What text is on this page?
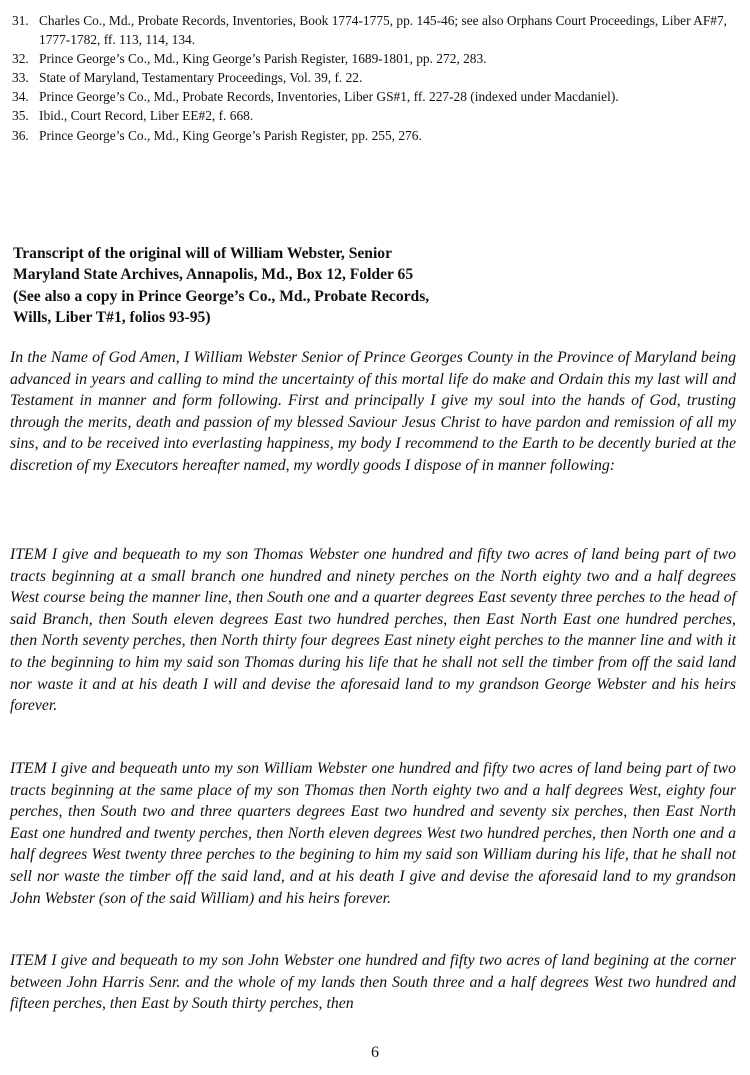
31. Charles Co., Md., Probate Records, Inventories, Book 1774-1775, pp. 145-46; see also Orphans Court Proceedings, Liber AF#7, 1777-1782, ff. 113, 114, 134.
32. Prince George’s Co., Md., King George’s Parish Register, 1689-1801, pp. 272, 283.
33. State of Maryland, Testamentary Proceedings, Vol. 39, f. 22.
34. Prince George’s Co., Md., Probate Records, Inventories, Liber GS#1, ff. 227-28 (indexed under Macdaniel).
35. Ibid., Court Record, Liber EE#2, f. 668.
36. Prince George’s Co., Md., King George’s Parish Register, pp. 255, 276.
Transcript of the original will of William Webster, Senior
Maryland State Archives, Annapolis, Md., Box 12, Folder 65
(See also a copy in Prince George’s Co., Md., Probate Records,
Wills, Liber T#1, folios 93-95)

In the Name of God Amen, I William Webster Senior of Prince Georges County in the Province of Maryland being advanced in years and calling to mind the uncertainty of this mortal life do make and Ordain this my last will and Testament in manner and form following. First and principally I give my soul into the hands of God, trusting through the merits, death and passion of my blessed Saviour Jesus Christ to have pardon and remission of all my sins, and to be received into everlasting happiness, my body I recommend to the Earth to be decently buried at the discretion of my Executors hereafter named, my wordly goods I dispose of in manner following:

ITEM I give and bequeath to my son Thomas Webster one hundred and fifty two acres of land being part of two tracts beginning at a small branch one hundred and ninety perches on the North eighty two and a half degrees West course being the manner line, then South one and a quarter degrees East seventy three perches to the head of said Branch, then South eleven degrees East two hundred perches, then East North East one hundred perches, then North seventy perches, then North thirty four degrees East ninety eight perches to the manner line and with it to the beginning to him my said son Thomas during his life that he shall not sell the timber from off the said land nor waste it and at his death I will and devise the aforesaid land to my grandson George Webster and his heirs forever.

ITEM I give and bequeath unto my son William Webster one hundred and fifty two acres of land being part of two tracts beginning at the same place of my son Thomas then North eighty two and a half degrees West, eighty four perches, then South two and three quarters degrees East two hundred and seventy six perches, then East North East one hundred and twenty perches, then North eleven degrees West two hundred perches, then North one and a half degrees West twenty three perches to the begining to him my said son William during his life, that he shall not sell nor waste the timber off the said land, and at his death I give and devise the aforesaid land to my grandson John Webster (son of the said William) and his heirs forever.

ITEM I give and bequeath to my son John Webster one hundred and fifty two acres of land begining at the corner between John Harris Senr. and the whole of my lands then South three and a half degrees West two hundred and fifteen perches, then East by South thirty perches, then

6
